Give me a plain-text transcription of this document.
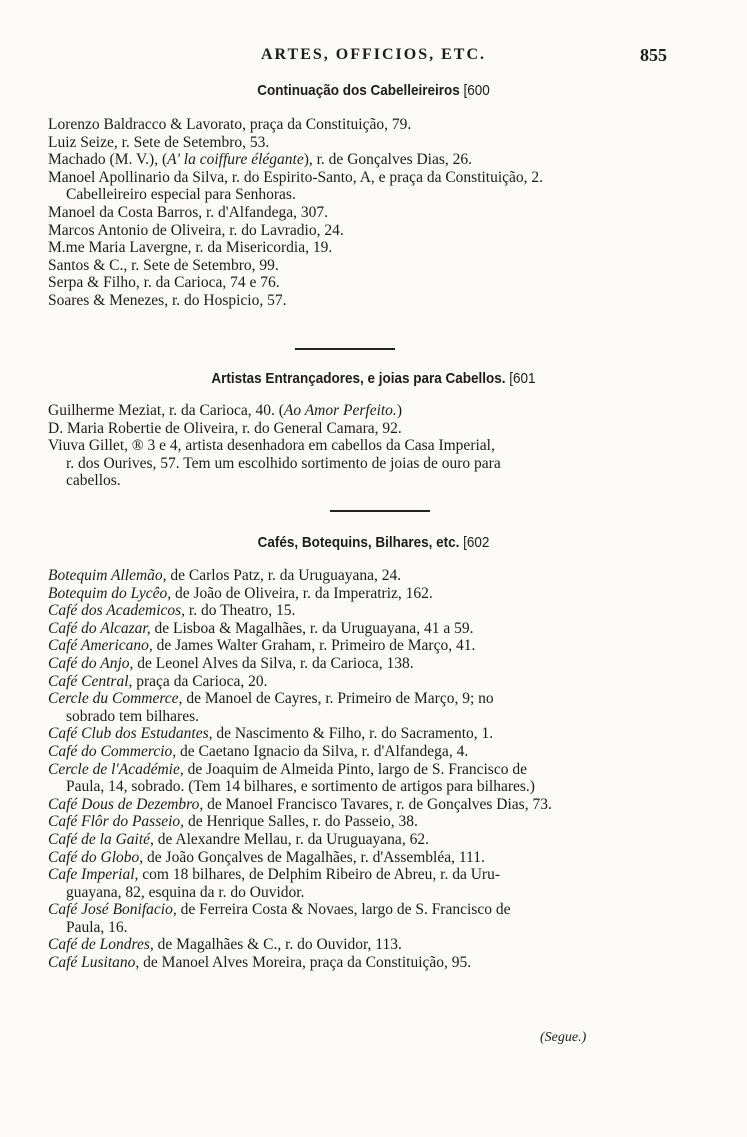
ARTES, OFFICIOS, ETC.	855
Continuação dos Cabelleireiros [600

Lorenzo Baldracco & Lavorato, praça da Constituição, 79.

Luiz Seize, r. Sete de Setembro, 53.

Machado (M. V.), (A' la coiffure élégante), r. de Gonçalves Dias, 26.

Manoel Apollinario da Silva, r. do Espirito-Santo, A, e praça da Constituição, 2.
Cabelleireiro especial para Senhoras.

Manoel da Costa Barros, r. d'Alfandega, 307.

Marcos Antonio de Oliveira, r. do Lavradio, 24.

M.me Maria Lavergne, r. da Misericordia, 19.

Santos & C., r. Sete de Setembro, 99.

Serpa & Filho, r. da Carioca, 74 e 76.

Soares & Menezes, r. do Hospicio, 57.

Artistas Entrançadores, e joias para Cabellos. [601

Guilherme Meziat, r. da Carioca, 40. (Ao Amor Perfeito.)

D. Maria Robertie de Oliveira, r. do General Camara, 92.

Viuva Gillet, ® 3 e 4, artista desenhadora em cabellos da Casa Imperial,
r. dos Ourives, 57. Tem um escolhido sortimento de joias de ouro para
cabellos.

Cafés, Botequins, Bilhares, etc. [602

Botequim Allemão, de Carlos Patz, r. da Uruguayana, 24.

Botequim do Lycêo, de João de Oliveira, r. da Imperatriz, 162.

Café dos Academicos, r. do Theatro, 15.

Café do Alcazar, de Lisboa & Magalhães, r. da Uruguayana, 41 a 59.

Café Americano, de James Walter Graham, r. Primeiro de Março, 41.

Café do Anjo, de Leonel Alves da Silva, r. da Carioca, 138.

Café Central, praça da Carioca, 20.

Cercle du Commerce, de Manoel de Cayres, r. Primeiro de Março, 9; no
sobrado tem bilhares.

Café Club dos Estudantes, de Nascimento & Filho, r. do Sacramento, 1.

Café do Commercio, de Caetano Ignacio da Silva, r. d'Alfandega, 4.

Cercle de l'Académie, de Joaquim de Almeida Pinto, largo de S. Francisco de
Paula, 14, sobrado. (Tem 14 bilhares, e sortimento de artigos para bilhares.)

Café Dous de Dezembro, de Manoel Francisco Tavares, r. de Gonçalves Dias, 73.

Café Flôr do Passeio, de Henrique Salles, r. do Passeio, 38.

Café de la Gaité, de Alexandre Mellau, r. da Uruguayana, 62.

Café do Globo, de João Gonçalves de Magalhães, r. d'Assembléa, 111.

Cafe Imperial, com 18 bilhares, de Delphim Ribeiro de Abreu, r. da Uru-
guayana, 82, esquina da r. do Ouvidor.

Café José Bonifacio, de Ferreira Costa & Novaes, largo de S. Francisco de
Paula, 16.

Café de Londres, de Magalhães & C., r. do Ouvidor, 113.

Café Lusitano, de Manoel Alves Moreira, praça da Constituição, 95.

(Segue.)
